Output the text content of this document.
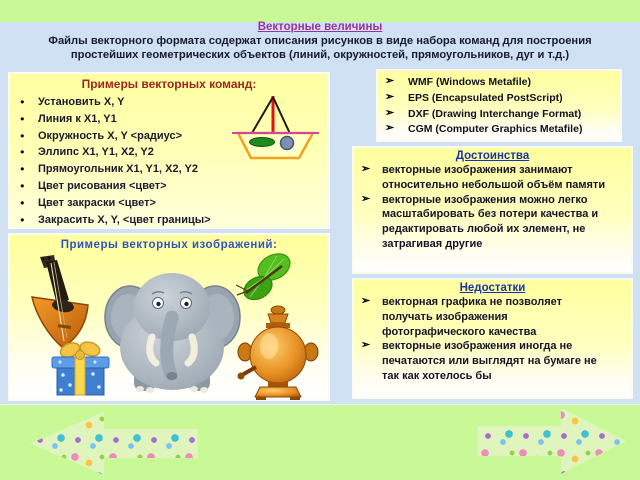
Векторные величины
Файлы векторного формата содержат описания рисунков в виде набора команд для построения простейших геометрических объектов (линий, окружностей, прямоугольников, дуг и т.д.)
Примеры векторных команд:
●
Установить X, Y
●
Линия к X1, Y1
●
Окружность X, Y <радиус>
●
Эллипс X1, Y1, X2, Y2
●
Прямоугольник X1, Y1, X2, Y2
●
Цвет рисования <цвет>
●
Цвет закраски <цвет>
●
Закрасить X, Y, <цвет границы>
➢
WMF (Windows Metafile)
➢
EPS (Encapsulated PostScript)
➢
DXF (Drawing Interchange Format)
➢
CGM (Computer Graphics Metafile)
Достоинства
➢
векторные изображения занимают относительно небольшой объём памяти
➢
векторные изображения можно легко масштабировать без потери качества и редактировать любой их элемент, не затрагивая другие
Недостатки
➢
векторная графика не позволяет получать изображения фотографического качества
➢
векторные изображения иногда не печатаются или выглядят на бумаге не так как хотелось бы
Примеры векторных изображений:
